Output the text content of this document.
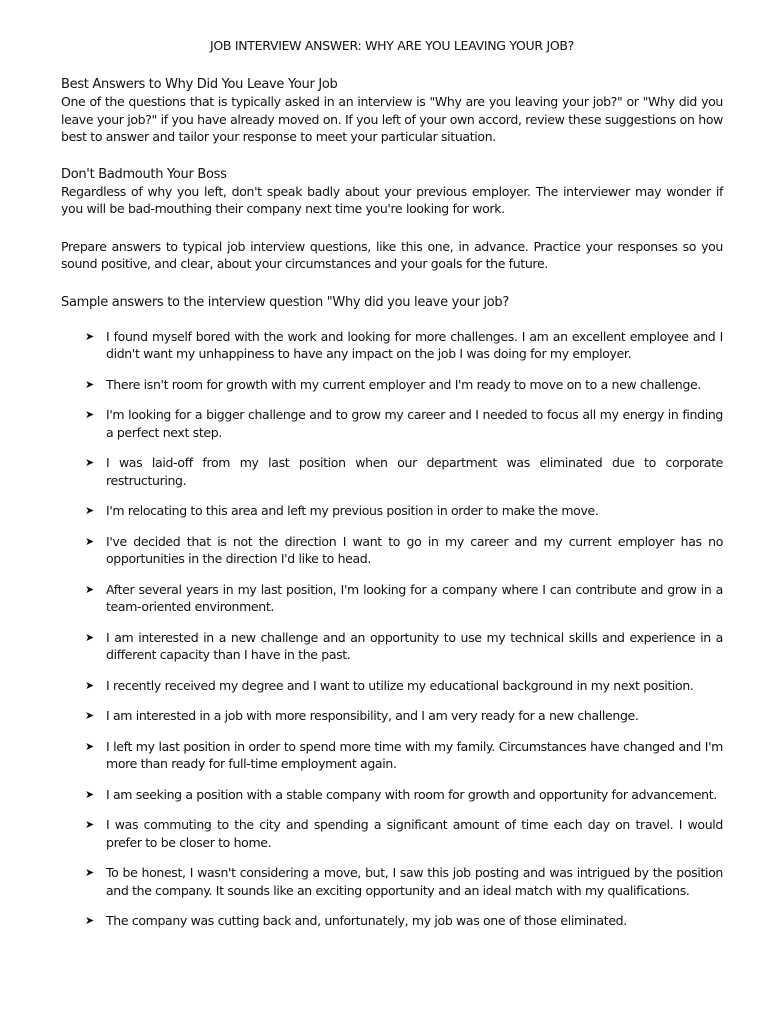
JOB INTERVIEW ANSWER: WHY ARE YOU LEAVING YOUR JOB?
Best Answers to Why Did You Leave Your Job

One of the questions that is typically asked in an interview is "Why are you leaving your job?" or "Why did you leave your job?" if you have already moved on. If you left of your own accord, review these suggestions on how best to answer and tailor your response to meet your particular situation.

Don't Badmouth Your Boss

Regardless of why you left, don't speak badly about your previous employer. The interviewer may wonder if you will be bad-mouthing their company next time you're looking for work.

Prepare answers to typical job interview questions, like this one, in advance. Practice your responses so you sound positive, and clear, about your circumstances and your goals for the future.

Sample answers to the interview question "Why did you leave your job?
➤ I found myself bored with the work and looking for more challenges. I am an excellent employee and I didn't want my unhappiness to have any impact on the job I was doing for my employer.
➤ There isn't room for growth with my current employer and I'm ready to move on to a new challenge.
➤ I'm looking for a bigger challenge and to grow my career and I needed to focus all my energy in finding a perfect next step.
➤ I was laid-off from my last position when our department was eliminated due to corporate restructuring.
➤ I'm relocating to this area and left my previous position in order to make the move.
➤ I've decided that is not the direction I want to go in my career and my current employer has no opportunities in the direction I'd like to head.
➤ After several years in my last position, I'm looking for a company where I can contribute and grow in a team-oriented environment.
➤ I am interested in a new challenge and an opportunity to use my technical skills and experience in a different capacity than I have in the past.
➤ I recently received my degree and I want to utilize my educational background in my next position.
➤ I am interested in a job with more responsibility, and I am very ready for a new challenge.
➤ I left my last position in order to spend more time with my family. Circumstances have changed and I'm more than ready for full-time employment again.
➤ I am seeking a position with a stable company with room for growth and opportunity for advancement.
➤ I was commuting to the city and spending a significant amount of time each day on travel. I would prefer to be closer to home.
➤ To be honest, I wasn't considering a move, but, I saw this job posting and was intrigued by the position and the company. It sounds like an exciting opportunity and an ideal match with my qualifications.
➤ The company was cutting back and, unfortunately, my job was one of those eliminated.
